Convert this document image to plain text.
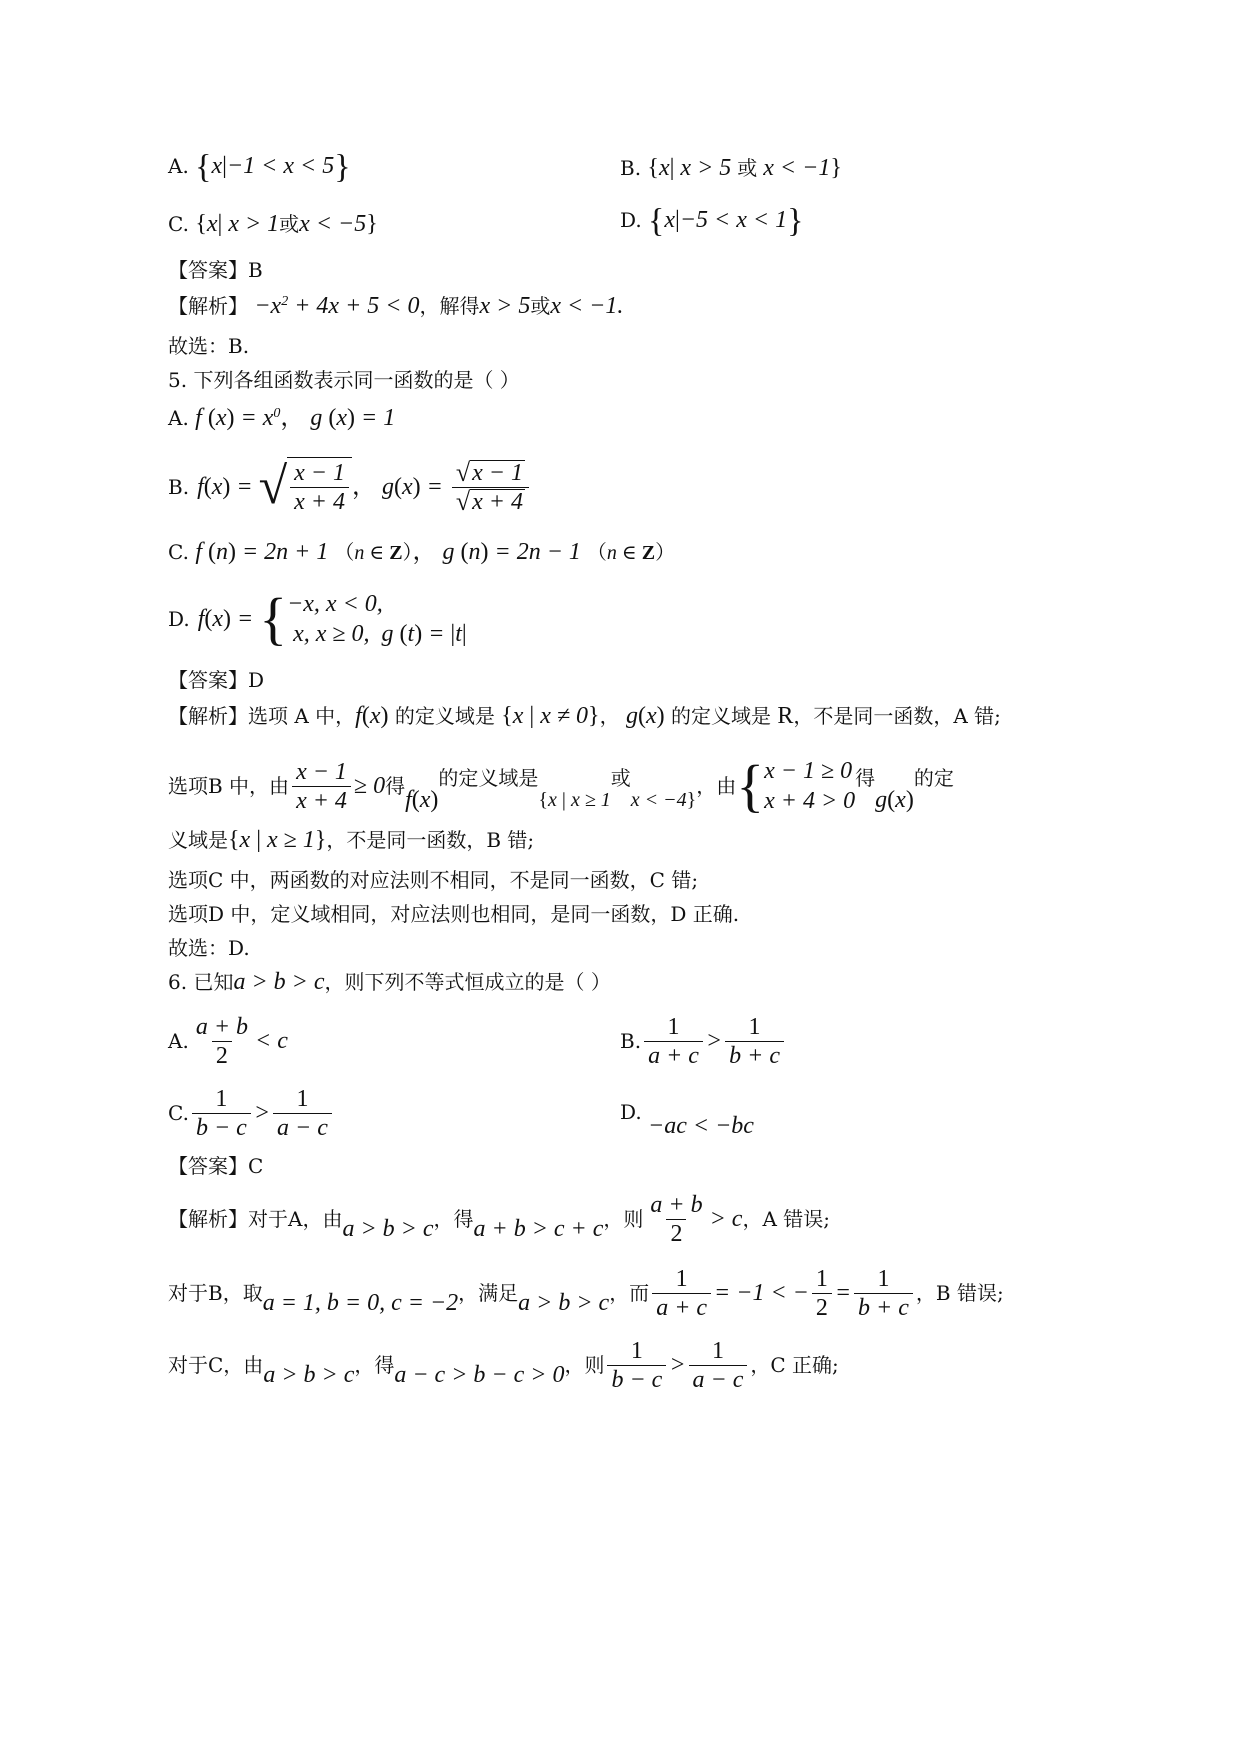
A. {x|−1 < x < 5}	B. {x| x > 5 或 x < −1}
C. {x| x > 1或x < −5}	D. {x|−5 < x < 1}
【答案】B
【解析】 $-x^2 + 4x + 5 < 0$，解得x > 5或x < −1.
故选：B.
5. 下列各组函数表示同一函数的是（ ）
A. f $(x) = x^0$， g (x) = 1
B. f ( x ) = √ $\frac{x - 1}{x + 4}$ ， g ( x ) = $\frac{√ x - 1}{√ x + 4}$
C. f (n) = 2n + 1 （n ∈ Z）， g (n) = 2n − 1 （n ∈ Z）
D. f ( x ) = { −x, x < 0,
x, x ≥ 0,  g (t) = |t|
【答案】D
【解析】选项 A 中，f(x) 的定义域是 {x | x ≠ 0}， g(x) 的定义域是 R，不是同一函数，A 错;
选项B 中，由 $\frac{x - 1}{x + 4} \ge 0$ 得
f(x)
的定义域是
{x | x ≥ 1
或
x < −4}
，由 { x − 1 ≥ 0
x + 4 > 0
得
g(x)
的定
义域是{x | x ≥ 1}，不是同一函数，B 错;
选项C 中，两函数的对应法则不相同，不是同一函数，C 错;
选项D 中，定义域相同，对应法则也相同，是同一函数，D 正确.
故选：D.
6. 已知a > b > c，则下列不等式恒成立的是（ ）
A. $\frac{a + b}{2} < c$	B. $\frac{1}{a + c} > \frac{1}{b + c}$
C. $\frac{1}{b - c} > \frac{1}{a - c}$	D. −ac < −bc
【答案】C
【解析】对于A，由 a > b > c ，得 a + b > c + c ，则 $\frac{a + b}{2} > c$ ，A 错误;
对于B，取 a = 1, b = 0, c = −2 ，满足 a > b > c ，而 $\frac{1}{a + c} = -1$ < − $\frac{1}{2} = \frac{1}{b + c}$ ，B 错误;
对于C，由 a > b > c ，得 a − c > b − c > 0 ，则 $\frac{1}{b - c} > \frac{1}{a - c}$ ，C 正确;
